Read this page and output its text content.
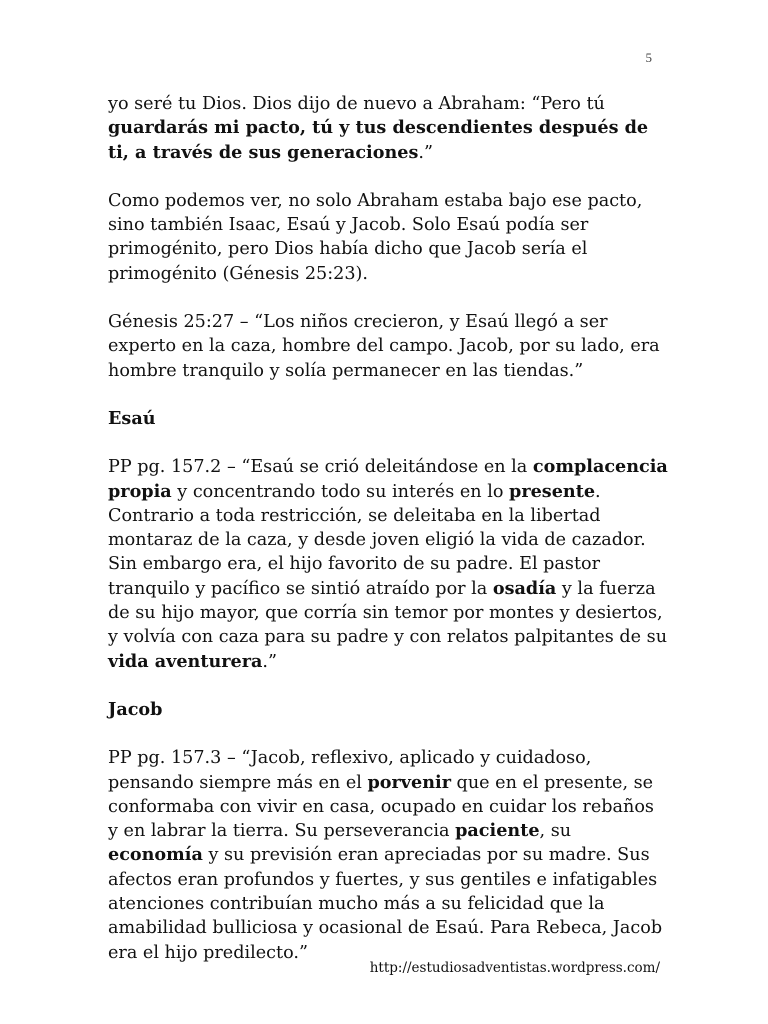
5

yo seré tu Dios. Dios dijo de nuevo a Abraham: “Pero tú guardarás mi pacto, tú y tus descendientes después de ti, a través de sus generaciones.”

Como podemos ver, no solo Abraham estaba bajo ese pacto, sino también Isaac, Esaú y Jacob. Solo Esaú podía ser primogénito, pero Dios había dicho que Jacob sería el primogénito (Génesis 25:23).

Génesis 25:27 – “Los niños crecieron, y Esaú llegó a ser experto en la caza, hombre del campo. Jacob, por su lado, era hombre tranquilo y solía permanecer en las tiendas.”

Esaú

PP pg. 157.2 – “Esaú se crió deleitándose en la complacencia propia y concentrando todo su interés en lo presente. Contrario a toda restricción, se deleitaba en la libertad montaraz de la caza, y desde joven eligió la vida de cazador. Sin embargo era, el hijo favorito de su padre. El pastor tranquilo y pacífico se sintió atraído por la osadía y la fuerza de su hijo mayor, que corría sin temor por montes y desiertos, y volvía con caza para su padre y con relatos palpitantes de su vida aventurera.”

Jacob

PP pg. 157.3 – “Jacob, reflexivo, aplicado y cuidadoso, pensando siempre más en el porvenir que en el presente, se conformaba con vivir en casa, ocupado en cuidar los rebaños y en labrar la tierra. Su perseverancia paciente, su economía y su previsión eran apreciadas por su madre. Sus afectos eran profundos y fuertes, y sus gentiles e infatigables atenciones contribuían mucho más a su felicidad que la amabilidad bulliciosa y ocasional de Esaú. Para Rebeca, Jacob era el hijo predilecto.”

http://estudiosadventistas.wordpress.com/
